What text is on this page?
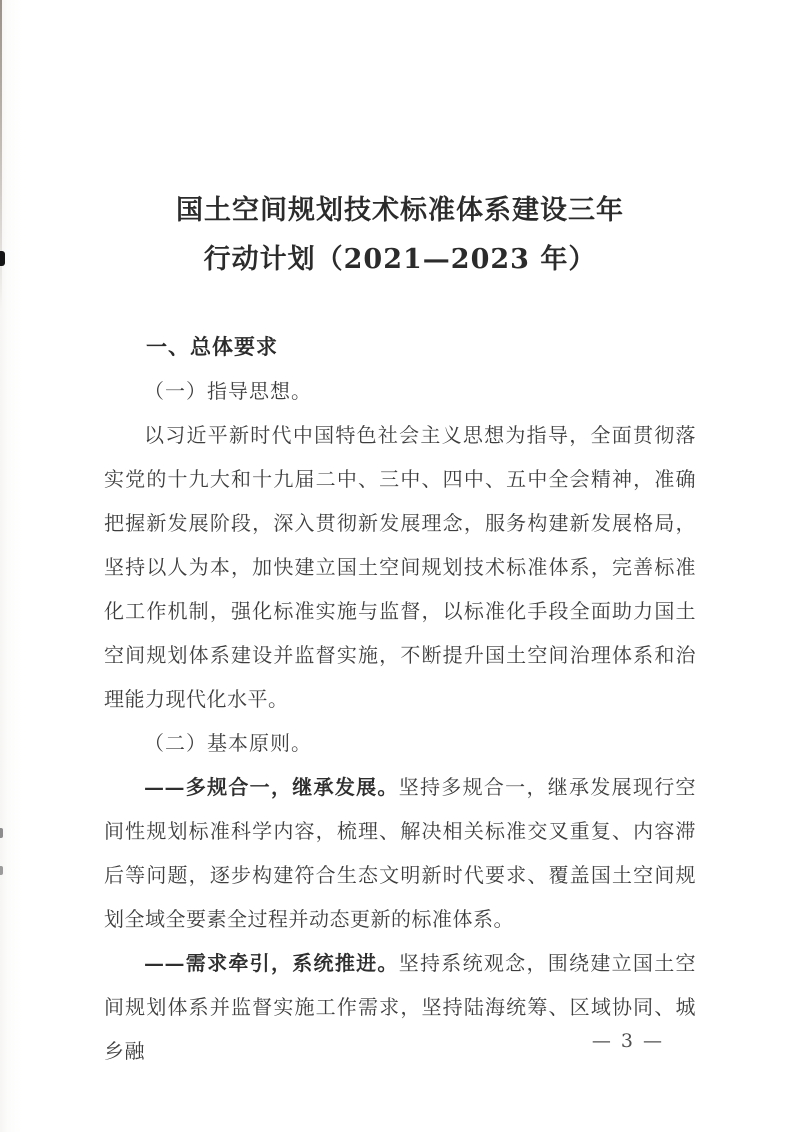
国土空间规划技术标准体系建设三年
行动计划（2021—2023 年）
一、总体要求

（一）指导思想。

以习近平新时代中国特色社会主义思想为指导，全面贯彻落实党的十九大和十九届二中、三中、四中、五中全会精神，准确把握新发展阶段，深入贯彻新发展理念，服务构建新发展格局，坚持以人为本，加快建立国土空间规划技术标准体系，完善标准化工作机制，强化标准实施与监督，以标准化手段全面助力国土空间规划体系建设并监督实施，不断提升国土空间治理体系和治理能力现代化水平。

（二）基本原则。

——多规合一，继承发展。坚持多规合一，继承发展现行空间性规划标准科学内容，梳理、解决相关标准交叉重复、内容滞后等问题，逐步构建符合生态文明新时代要求、覆盖国土空间规划全域全要素全过程并动态更新的标准体系。

——需求牵引，系统推进。坚持系统观念，围绕建立国土空间规划体系并监督实施工作需求，坚持陆海统筹、区域协同、城乡融	— 3 —
